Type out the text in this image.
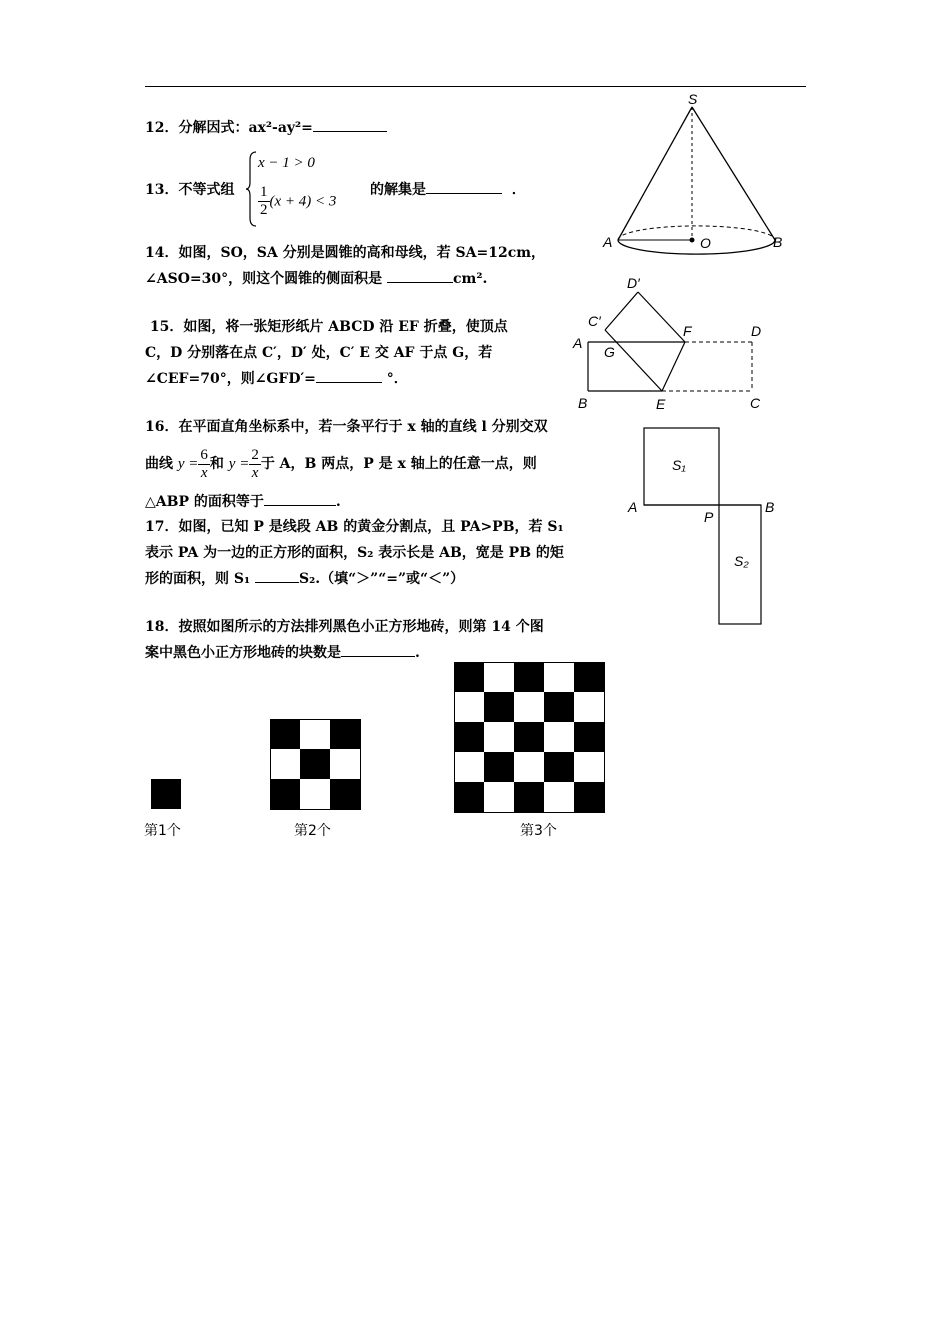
12．分解因式：ax²-ay²=
13．不等式组
x − 1 > 0
$\frac{1}{2} (x + 4) < 3$
的解集是	．
S
A	O	B
14．如图，SO，SA 分别是圆锥的高和母线，若 SA=12cm，
∠ASO=30°，则这个圆锥的侧面积是	cm².
15．如图，将一张矩形纸片 ABCD 沿 EF 折叠，使顶点
C，D 分别落在点 C′，D′ 处，C′ E 交 AF 于点 G，若
∠CEF=70°，则∠GFD′=	°．
D′
C′
F	D
A
G
B	E	C
16．在平面直角坐标系中，若一条平行于 x 轴的直线 l 分别交双
曲线 $y = \frac{6}{x}$ 和 $y = \frac{2}{x}$ 于 A，B 两点，P 是 x 轴上的任意一点，则
△ABP 的面积等于	.
17．如图，已知 P 是线段 AB 的黄金分割点，且 PA>PB，若 S₁
表示 PA 为一边的正方形的面积，S₂ 表示长是 AB，宽是 PB 的矩
形的面积，则 S₁	S₂.（填“＞”“=”或“＜”）
S₁
S₂
A
P
B
18．按照如图所示的方法排列黑色小正方形地砖，则第 14 个图
案中黑色小正方形地砖的块数是	.
第1个	第2个	第3个
